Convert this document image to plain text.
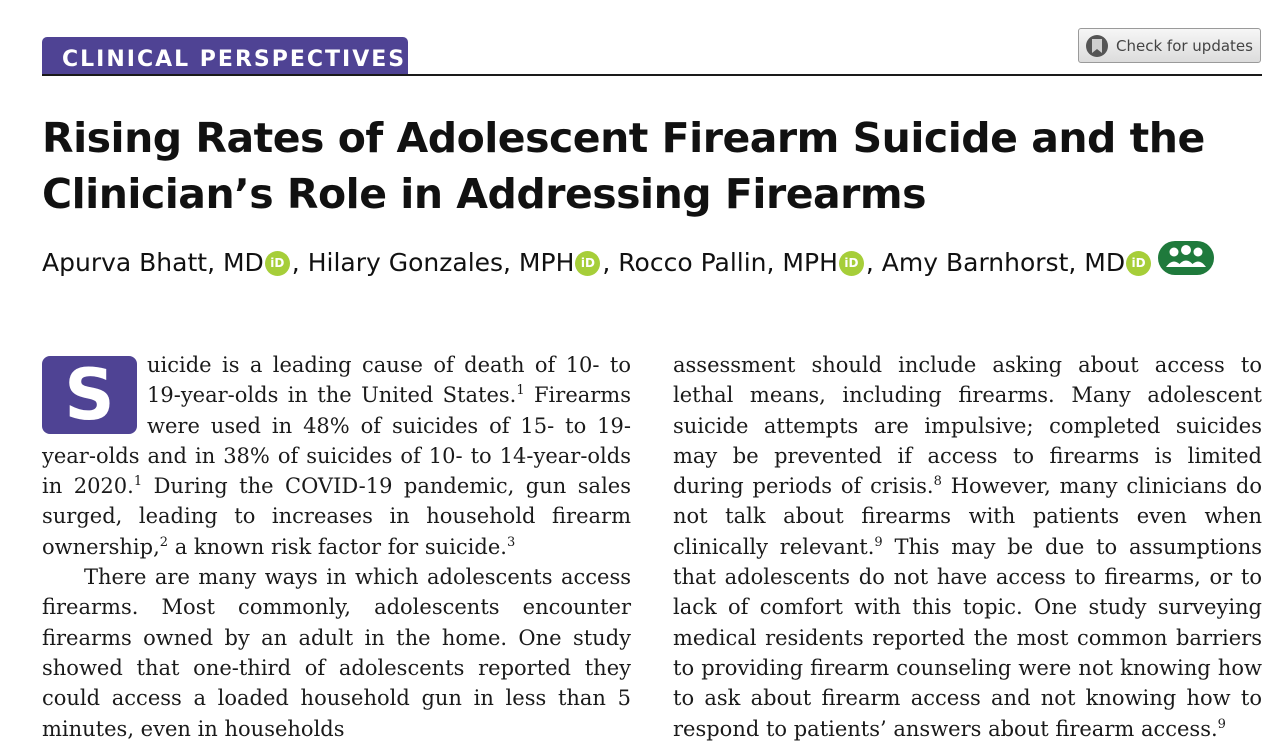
CLINICAL PERSPECTIVES
Check for updates
Rising Rates of Adolescent Firearm Suicide and the Clinician’s Role in Addressing Firearms
Apurva Bhatt, MD iD , Hilary Gonzales, MPH iD , Rocco Pallin, MPH iD , Amy Barnhorst, MD iD

S	uicide is a leading cause of death of 10- to 19-year-olds in the United States.$^1$ Firearms were used in 48% of suicides of 15- to 19-year-olds and in 38% of suicides of 10- to 14-year-olds in 2020.$^1$ During the COVID-19 pandemic, gun sales surged, leading to increases in household firearm ownership,$^2$ a known risk factor for suicide.$^3$

There are many ways in which adolescents access firearms. Most commonly, adolescents encounter firearms owned by an adult in the home. One study showed that one-third of adolescents reported they could access a loaded household gun in less than 5 minutes, even in households

assessment should include asking about access to lethal means, including firearms. Many adolescent suicide attempts are impulsive; completed suicides may be prevented if access to firearms is limited during periods of crisis.$^8$ However, many clinicians do not talk about firearms with patients even when clinically relevant.$^9$ This may be due to assumptions that adolescents do not have access to firearms, or to lack of comfort with this topic. One study surveying medical residents reported the most common barriers to providing firearm counseling were not knowing how to ask about firearm access and not knowing how to respond to patients’ answers about firearm access.$^9$
